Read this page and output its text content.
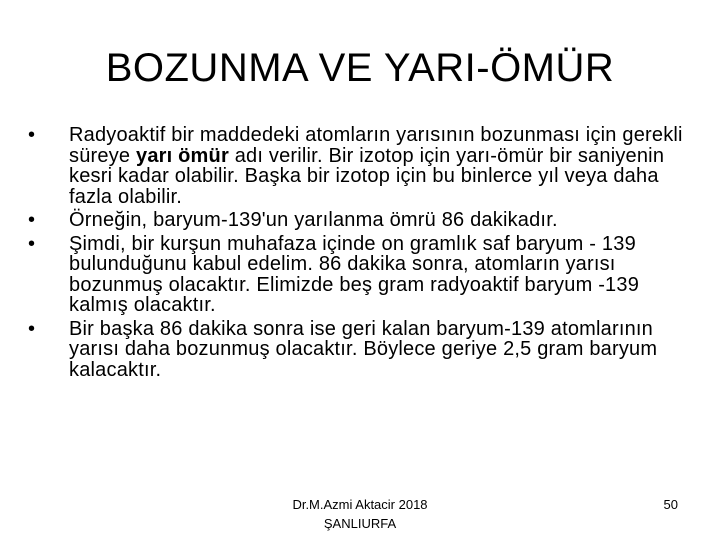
BOZUNMA VE YARI-ÖMÜR
•	Radyoaktif bir maddedeki atomların yarısının bozunması için gerekli süreye yarı ömür adı verilir. Bir izotop için yarı-ömür bir saniyenin kesri kadar olabilir. Başka bir izotop için bu binlerce yıl veya daha fazla olabilir.
•	Örneğin, baryum-139'un yarılanma ömrü 86 dakikadır.
•	Şimdi, bir kurşun muhafaza içinde on gramlık saf baryum - 139 bulunduğunu kabul edelim. 86 dakika sonra, atomların yarısı bozunmuş olacaktır. Elimizde beş gram radyoaktif baryum -139 kalmış olacaktır.
•	Bir başka 86 dakika sonra ise geri kalan baryum-139 atomlarının yarısı daha bozunmuş olacaktır. Böylece geriye 2,5 gram baryum kalacaktır.
Dr.M.Azmi Aktacir 2018
ŞANLIURFA
50
